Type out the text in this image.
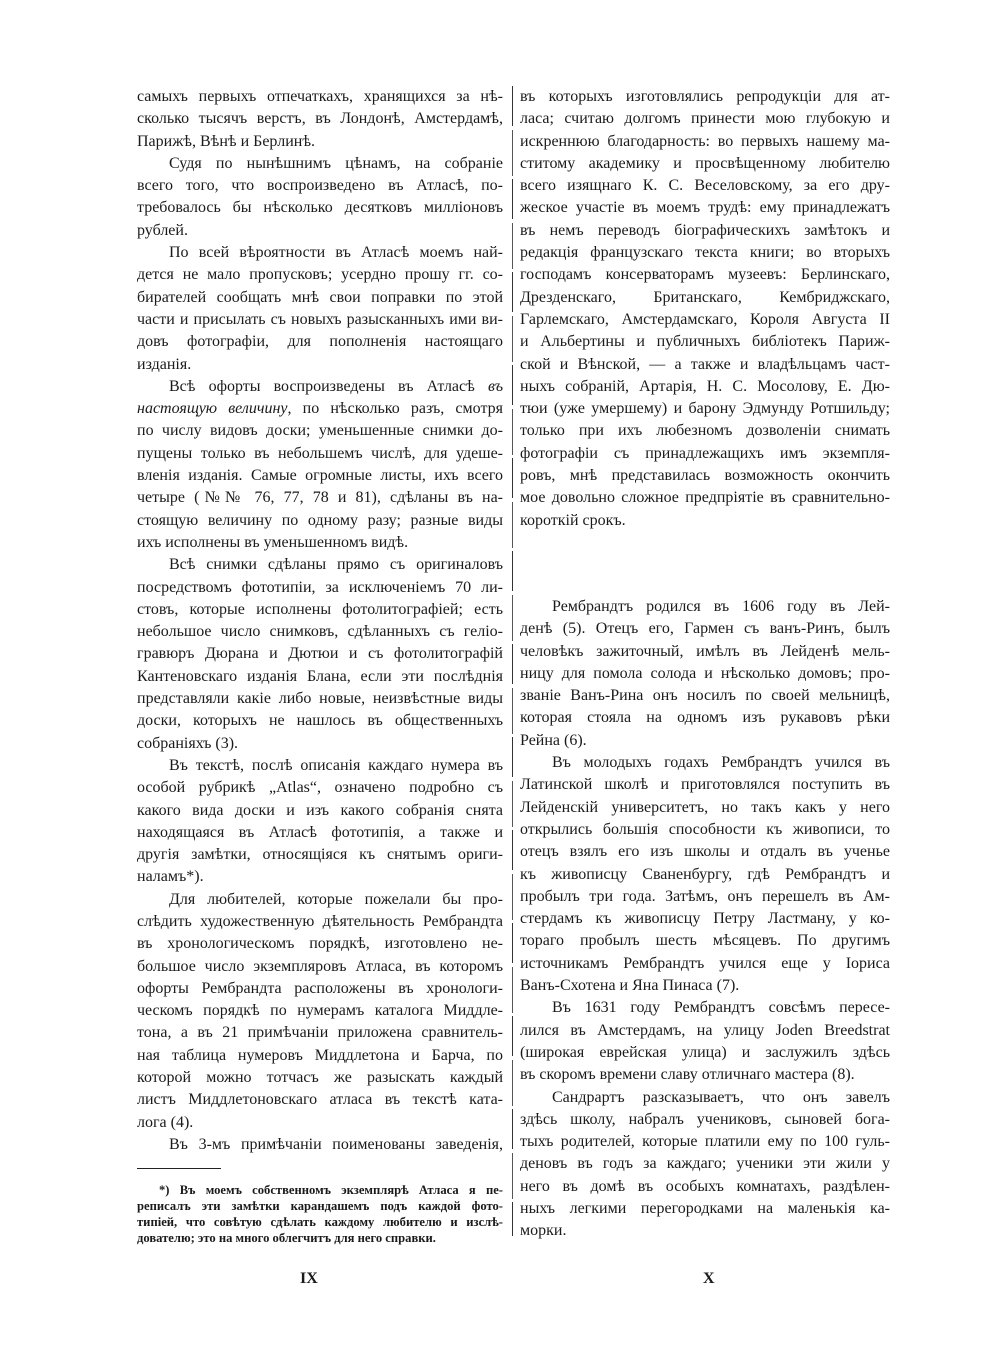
самыхъ первыхъ отпечаткахъ, хранящихся за нѣ-
сколько тысячъ верстъ, въ Лондонѣ, Амстердамѣ,
Парижѣ, Вѣнѣ и Берлинѣ.
Судя по нынѣшнимъ цѣнамъ, на собраніе
всего того, что воспроизведено въ Атласѣ, по-
требовалось бы нѣсколько десятковъ милліоновъ
рублей.
По всей вѣроятности въ Атласѣ моемъ най-
дется не мало пропусковъ; усердно прошу гг. со-
бирателей сообщать мнѣ свои поправки по этой
части и присылать съ новыхъ разысканныхъ ими ви-
довъ фотографіи, для пополненія настоящаго
изданія.
Всѣ офорты воспроизведены въ Атласѣ въ
настоящую величину, по нѣсколько разъ, смотря
по числу видовъ доски; уменьшенные снимки до-
пущены только въ небольшемъ числѣ, для удеше-
вленія изданія. Самые огромные листы, ихъ всего
четыре (№№ 76, 77, 78 и 81), сдѣланы въ на-
стоящую величину по одному разу; разные виды
ихъ исполнены въ уменьшенномъ видѣ.
Всѣ снимки сдѣланы прямо съ оригиналовъ
посредствомъ фототипіи, за исключеніемъ 70 ли-
стовъ, которые исполнены фотолитографіей; есть
небольшое число снимковъ, сдѣланныхъ съ геліо-
гравюръ Дюрана и Дютюи и съ фотолитографій
Кантеновскаго изданія Блана, если эти послѣднія
представляли какіе либо новые, неизвѣстные виды
доски, которыхъ не нашлось въ общественныхъ
собраніяхъ (3).
Въ текстѣ, послѣ описанія каждаго нумера въ
особой рубрикѣ „Atlas“, означено подробно съ
какого вида доски и изъ какого собранія снята
находящаяся въ Атласѣ фототипія, а также и
другія замѣтки, относящіяся къ снятымъ ориги-
наламъ*).
Для любителей, которые пожелали бы про-
слѣдить художественную дѣятельность Рембрандта
въ хронологическомъ порядкѣ, изготовлено не-
большое число экземпляровъ Атласа, въ которомъ
офорты Рембрандта расположены въ хронологи-
ческомъ порядкѣ по нумерамъ каталога Миддле-
тона, а въ 21 примѣчаніи приложена сравнитель-
ная таблица нумеровъ Миддлетона и Барча, по
которой можно тотчасъ же разыскать каждый
листъ Миддлетоновскаго атласа въ текстѣ ката-
лога (4).
Въ 3-мъ примѣчаніи поименованы заведенія,
въ которыхъ изготовлялись репродукціи для ат-
ласа; считаю долгомъ принести мою глубокую и
искреннюю благодарность: во первыхъ нашему ма-
ститому академику и просвѣщенному любителю
всего изящнаго К. С. Веселовскому, за его дру-
жеское участіе въ моемъ трудѣ: ему принадлежатъ
въ немъ переводъ біографическихъ замѣтокъ и
редакція французскаго текста книги; во вторыхъ
господамъ консерваторамъ музеевъ: Берлинскаго,
Дрезденскаго, Британскаго, Кембриджскаго,
Гарлемскаго, Амстердамскаго, Короля Августа II
и Альбертины и публичныхъ библіотекъ Париж-
ской и Вѣнской, — а также и владѣльцамъ част-
ныхъ собраній, Артарія, Н. С. Мосолову, Е. Дю-
тюи (уже умершему) и барону Эдмунду Ротшильду;
только при ихъ любезномъ дозволеніи снимать
фотографіи съ принадлежащихъ имъ экземпля-
ровъ, мнѣ представилась возможность окончить
мое довольно сложное предпріятіе въ сравнительно-
короткій срокъ.
Рембрандтъ родился въ 1606 году въ Лей-
денѣ (5). Отецъ его, Гармен съ ванъ-Ринъ, былъ
человѣкъ зажиточный, имѣлъ въ Лейденѣ мель-
ницу для помола солода и нѣсколько домовъ; про-
званіе Ванъ-Рина онъ носилъ по своей мельницѣ,
которая стояла на одномъ изъ рукавовъ рѣки
Рейна (6).
Въ молодыхъ годахъ Рембрандтъ учился въ
Латинской школѣ и приготовлялся поступить въ
Лейденскій университетъ, но такъ какъ у него
открылись большія способности къ живописи, то
отецъ взялъ его изъ школы и отдалъ въ ученье
къ живописцу Сваненбургу, гдѣ Рембрандтъ и
пробылъ три года. Затѣмъ, онъ перешелъ въ Ам-
стердамъ къ живописцу Петру Ластману, у ко-
тораго пробылъ шесть мѣсяцевъ. По другимъ
источникамъ Рембрандтъ учился еще у Іориса
Ванъ-Схотена и Яна Пинаса (7).
Въ 1631 году Рембрандтъ совсѣмъ пересе-
лился въ Амстердамъ, на улицу Joden Breedstrat
(широкая еврейская улица) и заслужилъ здѣсь
въ скоромъ времени славу отличнаго мастера (8).
Сандрартъ разсказываетъ, что онъ завелъ
здѣсь школу, набралъ учениковъ, сыновей бога-
тыхъ родителей, которые платили ему по 100 гуль-
деновъ въ годъ за каждаго; ученики эти жили у
него въ домѣ въ особыхъ комнатахъ, раздѣлен-
ныхъ легкими перегородками на маленькія ка-
морки.
*) Въ моемъ собственномъ экземплярѣ Атласа я пе-
реписалъ эти замѣтки карандашемъ подъ каждой фото-
типіей, что совѣтую сдѣлать каждому любителю и изслѣ-
дователю; это на много облегчитъ для него справки.
IX	X
